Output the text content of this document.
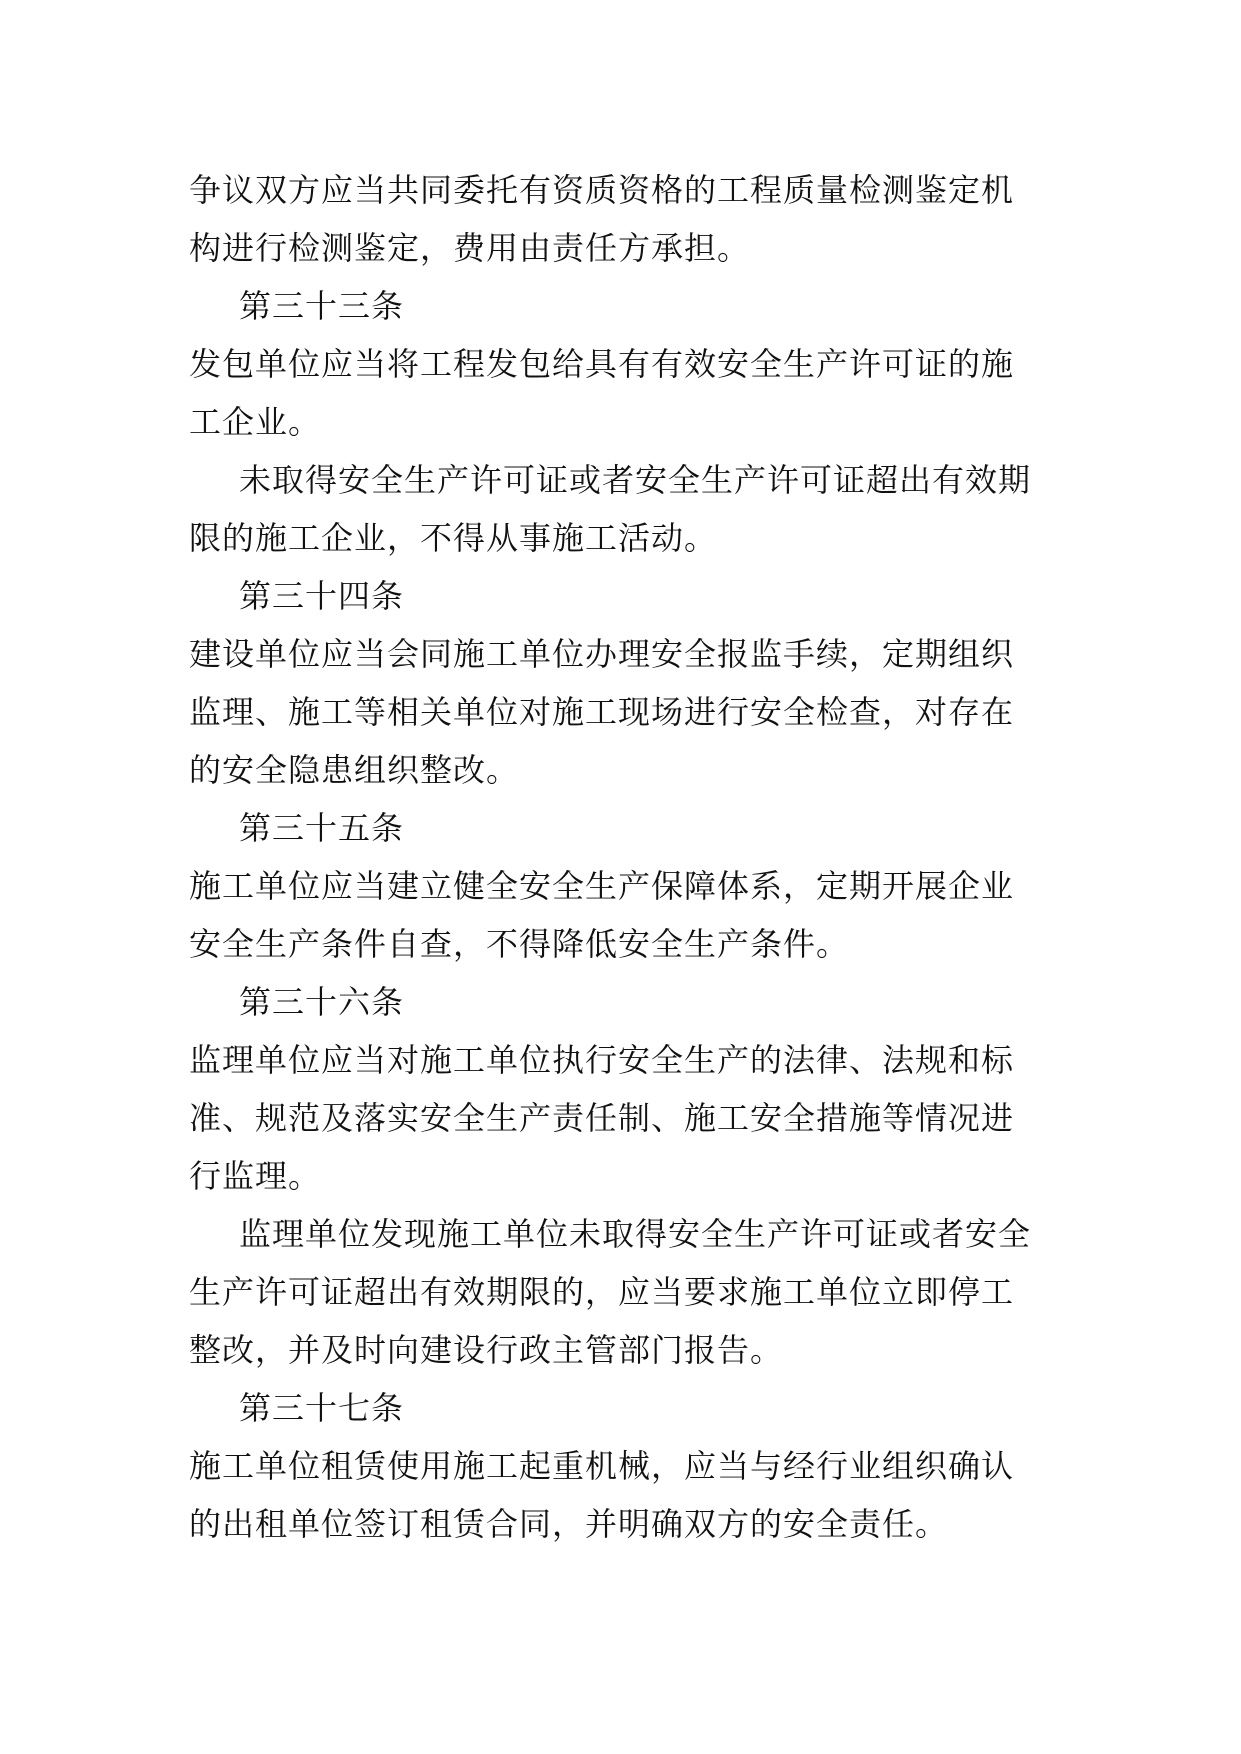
争议双方应当共同委托有资质资格的工程质量检测鉴定机
构进行检测鉴定，费用由责任方承担。
第三十三条
发包单位应当将工程发包给具有有效安全生产许可证的施
工企业。
未取得安全生产许可证或者安全生产许可证超出有效期
限的施工企业，不得从事施工活动。
第三十四条
建设单位应当会同施工单位办理安全报监手续，定期组织
监理、施工等相关单位对施工现场进行安全检查，对存在
的安全隐患组织整改。
第三十五条
施工单位应当建立健全安全生产保障体系，定期开展企业
安全生产条件自查，不得降低安全生产条件。
第三十六条
监理单位应当对施工单位执行安全生产的法律、法规和标
准、规范及落实安全生产责任制、施工安全措施等情况进
行监理。
监理单位发现施工单位未取得安全生产许可证或者安全
生产许可证超出有效期限的，应当要求施工单位立即停工
整改，并及时向建设行政主管部门报告。
第三十七条
施工单位租赁使用施工起重机械，应当与经行业组织确认
的出租单位签订租赁合同，并明确双方的安全责任。
